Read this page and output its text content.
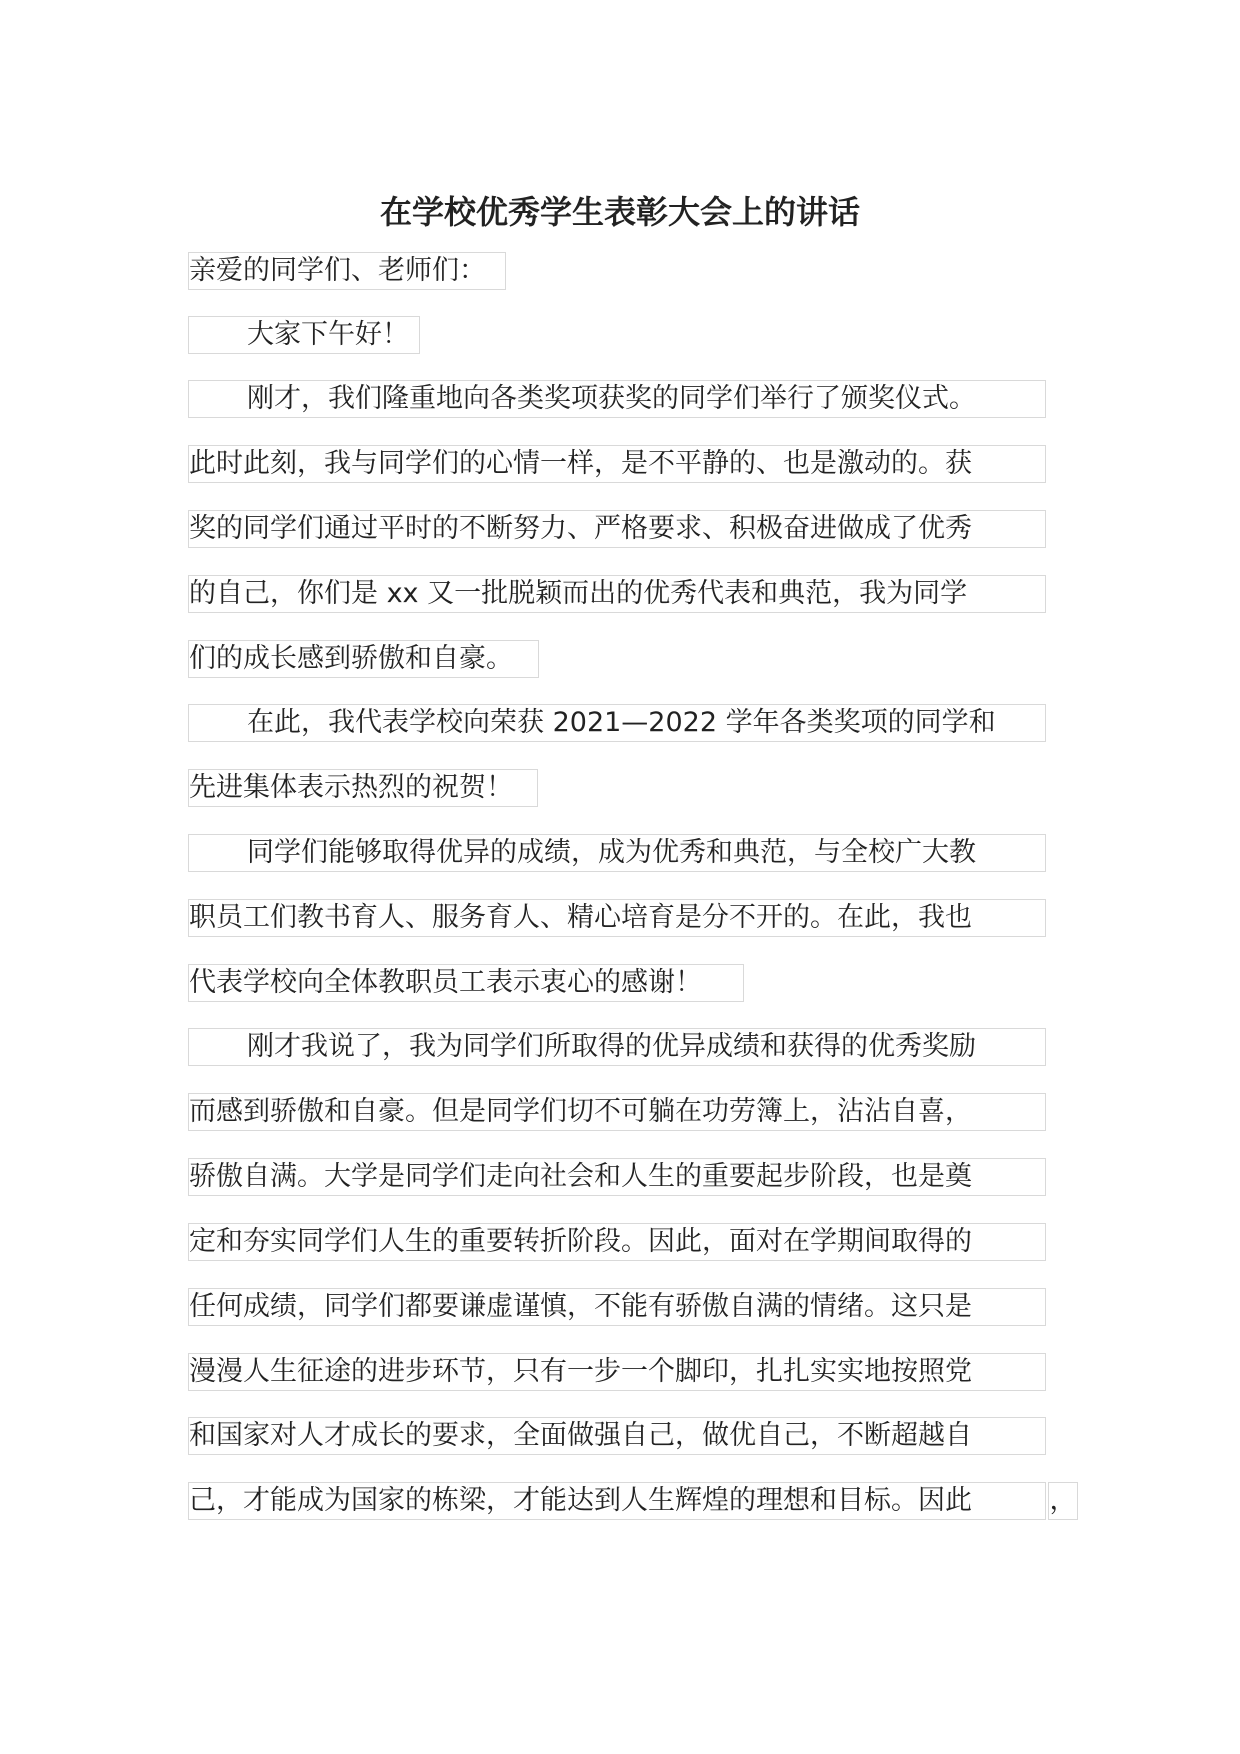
在学校优秀学生表彰大会上的讲话
亲爱的同学们、老师们：
大家下午好！
刚才，我们隆重地向各类奖项获奖的同学们举行了颁奖仪式。
此时此刻，我与同学们的心情一样，是不平静的、也是激动的。获
奖的同学们通过平时的不断努力、严格要求、积极奋进做成了优秀
的自己，你们是 xx 又一批脱颖而出的优秀代表和典范，我为同学
们的成长感到骄傲和自豪。
在此，我代表学校向荣获 2021—2022 学年各类奖项的同学和
先进集体表示热烈的祝贺！
同学们能够取得优异的成绩，成为优秀和典范，与全校广大教
职员工们教书育人、服务育人、精心培育是分不开的。在此，我也
代表学校向全体教职员工表示衷心的感谢！
刚才我说了，我为同学们所取得的优异成绩和获得的优秀奖励
而感到骄傲和自豪。但是同学们切不可躺在功劳簿上，沾沾自喜，
骄傲自满。大学是同学们走向社会和人生的重要起步阶段，也是奠
定和夯实同学们人生的重要转折阶段。因此，面对在学期间取得的
任何成绩，同学们都要谦虚谨慎，不能有骄傲自满的情绪。这只是
漫漫人生征途的进步环节，只有一步一个脚印，扎扎实实地按照党
和国家对人才成长的要求，全面做强自己，做优自己，不断超越自
己，才能成为国家的栋梁，才能达到人生辉煌的理想和目标。因此	，
